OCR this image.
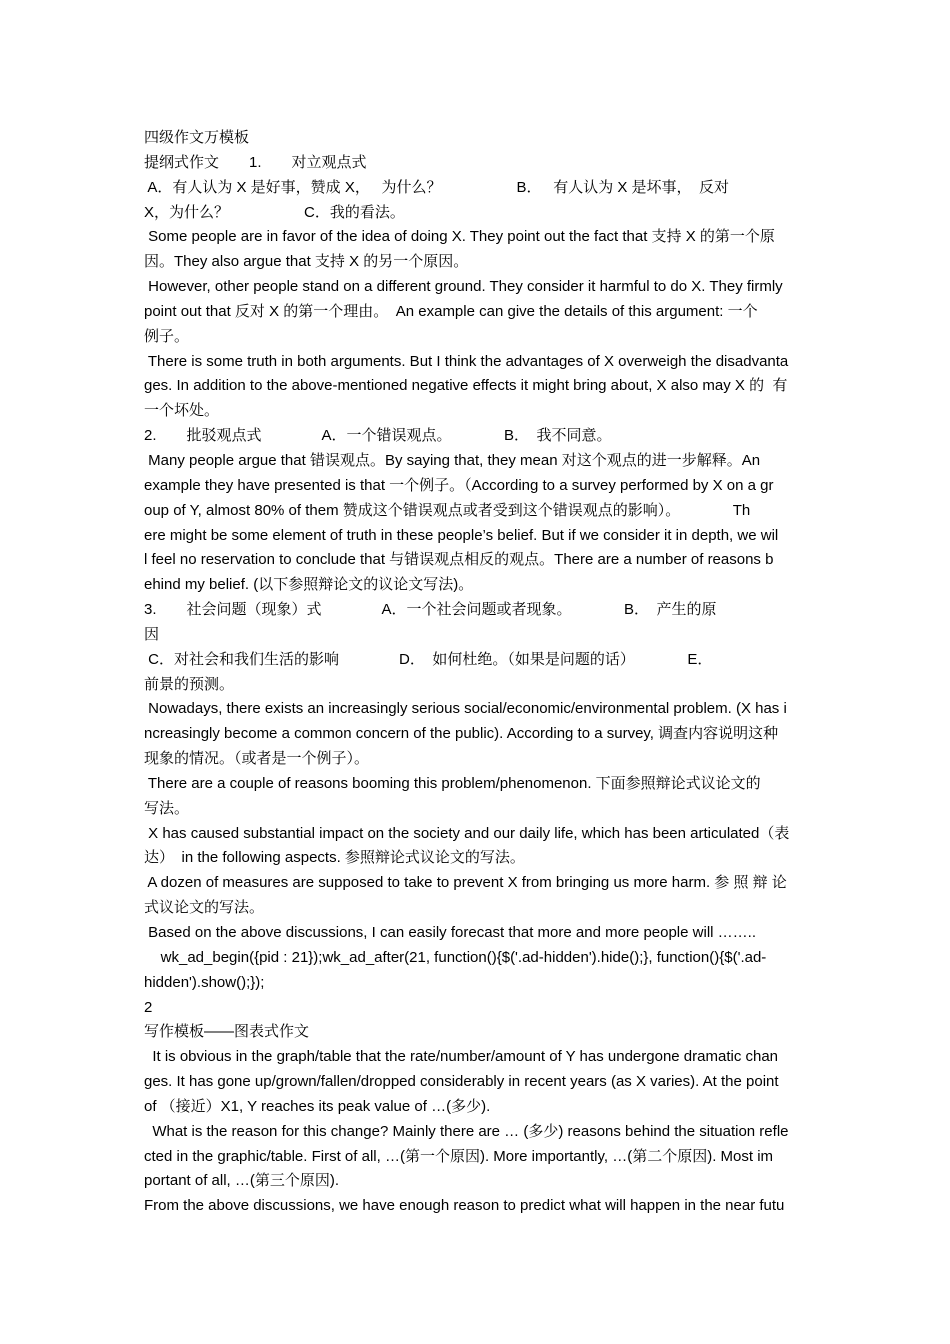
四级作文万模板
提纲式作文　　1.　　对立观点式
A．有人认为 X 是好事，赞成 X，　 为什么？　　　　　B．　 有人认为 X 是坏事，　反对
X，为什么？　　　　　C．我的看法。
Some people are in favor of the idea of doing X. They point out the fact that 支持 X 的第一个原
因。They also argue that 支持 X 的另一个原因。
However, other people stand on a different ground. They consider it harmful to do X. They firmly
point out that 反对 X 的第一个理由。　An example can give the details of this argument: 一个
例子。
There is some truth in both arguments. But I think the advantages of X overweigh the disadvanta
ges. In addition to the above-mentioned negative effects it might bring about, X also may X 的  有
一个坏处。
2.　　批驳观点式　　　　A．一个错误观点。　　　　B．　我不同意。
Many people argue that 错误观点。By saying that, they mean 对这个观点的进一步解释。An
example they have presented is that 一个例子。（According to a survey performed by X on a gr
oup of Y, almost 80% of them 赞成这个错误观点或者受到这个错误观点的影响）。　　　　Th
ere might be some element of truth in these people’s belief. But if we consider it in depth, we wil
l feel no reservation to conclude that 与错误观点相反的观点。There are a number of reasons b
ehind my belief. (以下参照辩论文的议论文写法)。
3.　　社会问题（现象）式　　　　A．一个社会问题或者现象。　　　　B．　产生的原
因
C．对社会和我们生活的影响　　　　D．　如何杜绝。（如果是问题的话）　　　　E．
前景的预测。
Nowadays, there exists an increasingly serious social/economic/environmental problem. (X has i
ncreasingly become a common concern of the public). According to a survey, 调查内容说明这种
现象的情况。（或者是一个例子）。
There are a couple of reasons booming this problem/phenomenon. 下面参照辩论式议论文的
写法。
X has caused substantial impact on the society and our daily life, which has been articulated（表
达）　in the following aspects. 参照辩论式议论文的写法。
A dozen of measures are supposed to take to prevent X from bringing us more harm. 参 照 辩 论
式议论文的写法。
Based on the above discussions, I can easily forecast that more and more people will ……..
wk_ad_begin({pid : 21});wk_ad_after(21, function(){$('.ad-hidden').hide();}, function(){$('.ad-
hidden').show();});
2
写作模板——图表式作文
It is obvious in the graph/table that the rate/number/amount of Y has undergone dramatic chan
ges. It has gone up/grown/fallen/dropped considerably in recent years (as X varies). At the point
of （接近）X1, Y reaches its peak value of …(多少).
What is the reason for this change? Mainly there are … (多少) reasons behind the situation refle
cted in the graphic/table. First of all, …(第一个原因). More importantly, …(第二个原因). Most im
portant of all, …(第三个原因).
From the above discussions, we have enough reason to predict what will happen in the near futu
